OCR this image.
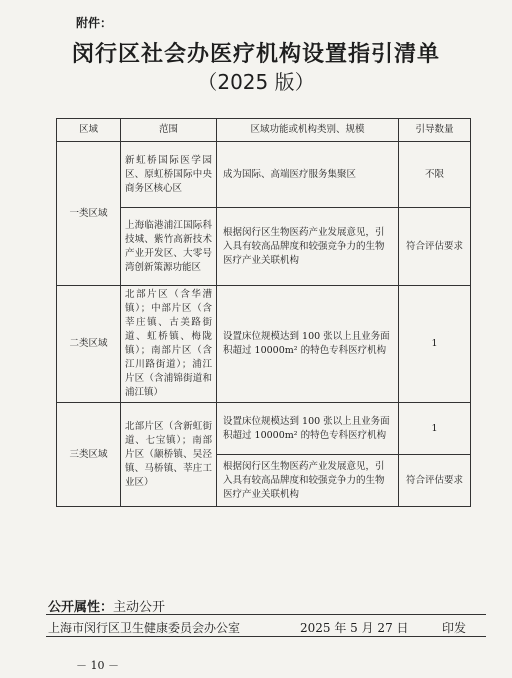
附件：
闵行区社会办医疗机构设置指引清单
（2025 版）
区域	范围	区域功能或机构类别、规模	引导数量
一类区域	新虹桥国际医学园区、原虹桥国际中央商务区核心区	成为国际、高端医疗服务集聚区	不限
	上海临港浦江国际科技城、紫竹高新技术产业开发区、大零号湾创新策源功能区	根据闵行区生物医药产业发展意见，引入具有较高品牌度和较强竞争力的生物医疗产业关联机构	符合评估要求
二类区域	北部片区（含华漕镇）；中部片区（含莘庄镇、古美路街道、虹桥镇、梅陇镇）；南部片区（含江川路街道）；浦江片区（含浦锦街道和浦江镇）	设置床位规模达到 100 张以上且业务面积超过 10000m² 的特色专科医疗机构	1
三类区域	北部片区（含新虹街道、七宝镇）；南部片区（颛桥镇、吴泾镇、马桥镇、莘庄工业区）	设置床位规模达到 100 张以上且业务面积超过 10000m² 的特色专科医疗机构	1
		根据闵行区生物医药产业发展意见，引入具有较高品牌度和较强竞争力的生物医疗产业关联机构	符合评估要求
公开属性：主动公开
上海市闵行区卫生健康委员会办公室	2025 年 5 月 27 日	印发
－ 10 －
